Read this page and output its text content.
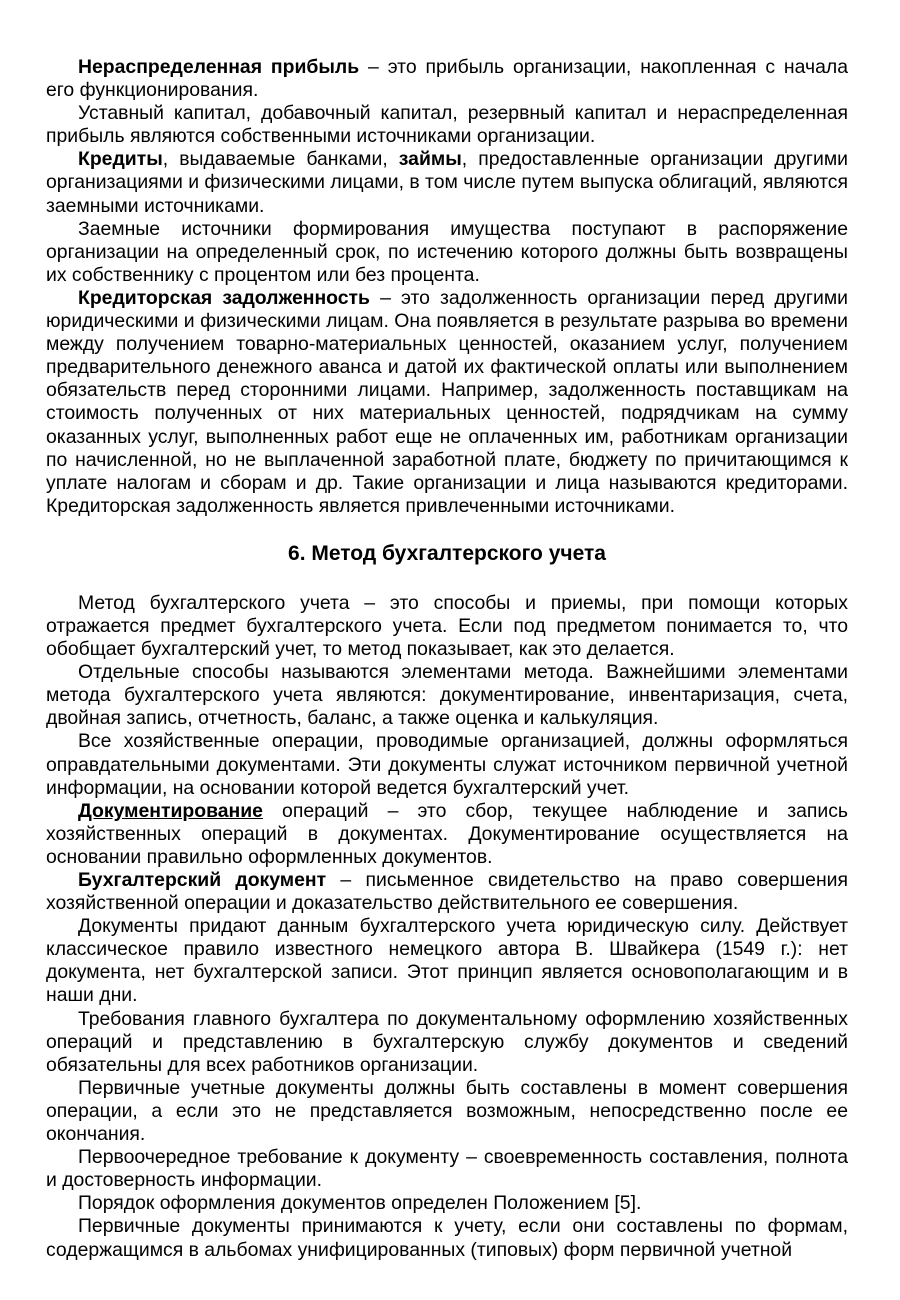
Нераспределенная прибыль – это прибыль организации, накопленная с начала его функционирования.

Уставный капитал, добавочный капитал, резервный капитал и нераспределенная прибыль являются собственными источниками организации.

Кредиты, выдаваемые банками, займы, предоставленные организации другими организациями и физическими лицами, в том числе путем выпуска облигаций, являются заемными источниками.

Заемные источники формирования имущества поступают в распоряжение организации на определенный срок, по истечению которого должны быть возвращены их собственнику с процентом или без процента.

Кредиторская задолженность – это задолженность организации перед другими юридическими и физическими лицам. Она появляется в результате разрыва во времени между получением товарно-материальных ценностей, оказанием услуг, получением предварительного денежного аванса и датой их фактической оплаты или выполнением обязательств перед сторонними лицами. Например, задолженность поставщикам на стоимость полученных от них материальных ценностей, подрядчикам на сумму оказанных услуг, выполненных работ еще не оплаченных им, работникам организации по начисленной, но не выплаченной заработной плате, бюджету по причитающимся к уплате налогам и сборам и др. Такие организации и лица называются кредиторами. Кредиторская задолженность является привлеченными источниками.

6. Метод бухгалтерского учета

Метод бухгалтерского учета – это способы и приемы, при помощи которых отражается предмет бухгалтерского учета. Если под предметом понимается то, что обобщает бухгалтерский учет, то метод показывает, как это делается.

Отдельные способы называются элементами метода. Важнейшими элементами метода бухгалтерского учета являются: документирование, инвентаризация, счета, двойная запись, отчетность, баланс, а также оценка и калькуляция.

Все хозяйственные операции, проводимые организацией, должны оформляться оправдательными документами. Эти документы служат источником первичной учетной информации, на основании которой ведется бухгалтерский учет.

Документирование операций – это сбор, текущее наблюдение и запись хозяйственных операций в документах. Документирование осуществляется на основании правильно оформленных документов.

Бухгалтерский документ – письменное свидетельство на право совершения хозяйственной операции и доказательство действительного ее совершения.

Документы придают данным бухгалтерского учета юридическую силу. Действует классическое правило известного немецкого автора В. Швайкера (1549 г.): нет документа, нет бухгалтерской записи. Этот принцип является основополагающим и в наши дни.

Требования главного бухгалтера по документальному оформлению хозяйственных операций и представлению в бухгалтерскую службу документов и сведений обязательны для всех работников организации.

Первичные учетные документы должны быть составлены в момент совершения операции, а если это не представляется возможным, непосредственно после ее окончания.

Первоочередное требование к документу – своевременность составления, полнота и достоверность информации.

Порядок оформления документов определен Положением [5].

Первичные документы принимаются к учету, если они составлены по формам, содержащимся в альбомах унифицированных (типовых) форм первичной учетной
